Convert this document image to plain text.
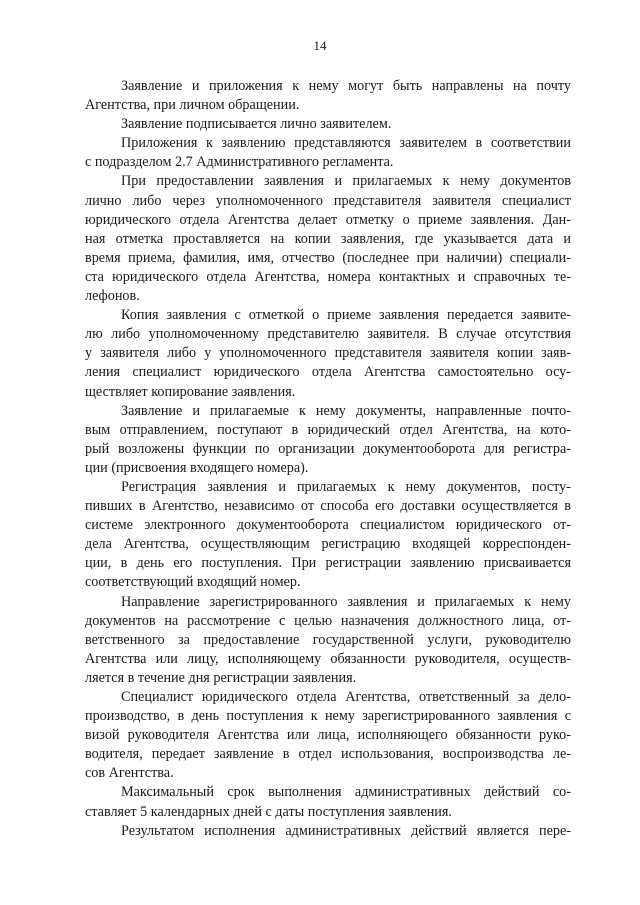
14
Заявление и приложения к нему могут быть направлены на почту
Агентства, при личном обращении.
Заявление подписывается лично заявителем.
Приложения к заявлению представляются заявителем в соответствии
с подразделом 2.7 Административного регламента.
При предоставлении заявления и прилагаемых к нему документов
лично либо через уполномоченного представителя заявителя специалист
юридического отдела Агентства делает отметку о приеме заявления. Дан-
ная отметка проставляется на копии заявления, где указывается дата и
время приема, фамилия, имя, отчество (последнее при наличии) специали-
ста юридического отдела Агентства, номера контактных и справочных те-
лефонов.
Копия заявления с отметкой о приеме заявления передается заявите-
лю либо уполномоченному представителю заявителя. В случае отсутствия
у заявителя либо у уполномоченного представителя заявителя копии заяв-
ления специалист юридического отдела Агентства самостоятельно осу-
ществляет копирование заявления.
Заявление и прилагаемые к нему документы, направленные почто-
вым отправлением, поступают в юридический отдел Агентства, на кото-
рый возложены функции по организации документооборота для регистра-
ции (присвоения входящего номера).
Регистрация заявления и прилагаемых к нему документов, посту-
пивших в Агентство, независимо от способа его доставки осуществляется в
системе электронного документооборота специалистом юридического от-
дела Агентства, осуществляющим регистрацию входящей корреспонден-
ции, в день его поступления. При регистрации заявлению присваивается
соответствующий входящий номер.
Направление зарегистрированного заявления и прилагаемых к нему
документов на рассмотрение с целью назначения должностного лица, от-
ветственного за предоставление государственной услуги, руководителю
Агентства или лицу, исполняющему обязанности руководителя, осуществ-
ляется в течение дня регистрации заявления.
Специалист юридического отдела Агентства, ответственный за дело-
производство, в день поступления к нему зарегистрированного заявления с
визой руководителя Агентства или лица, исполняющего обязанности руко-
водителя, передает заявление в отдел использования, воспроизводства ле-
сов Агентства.
Максимальный срок выполнения административных действий со-
ставляет 5 календарных дней с даты поступления заявления.
Результатом исполнения административных действий является пере-
